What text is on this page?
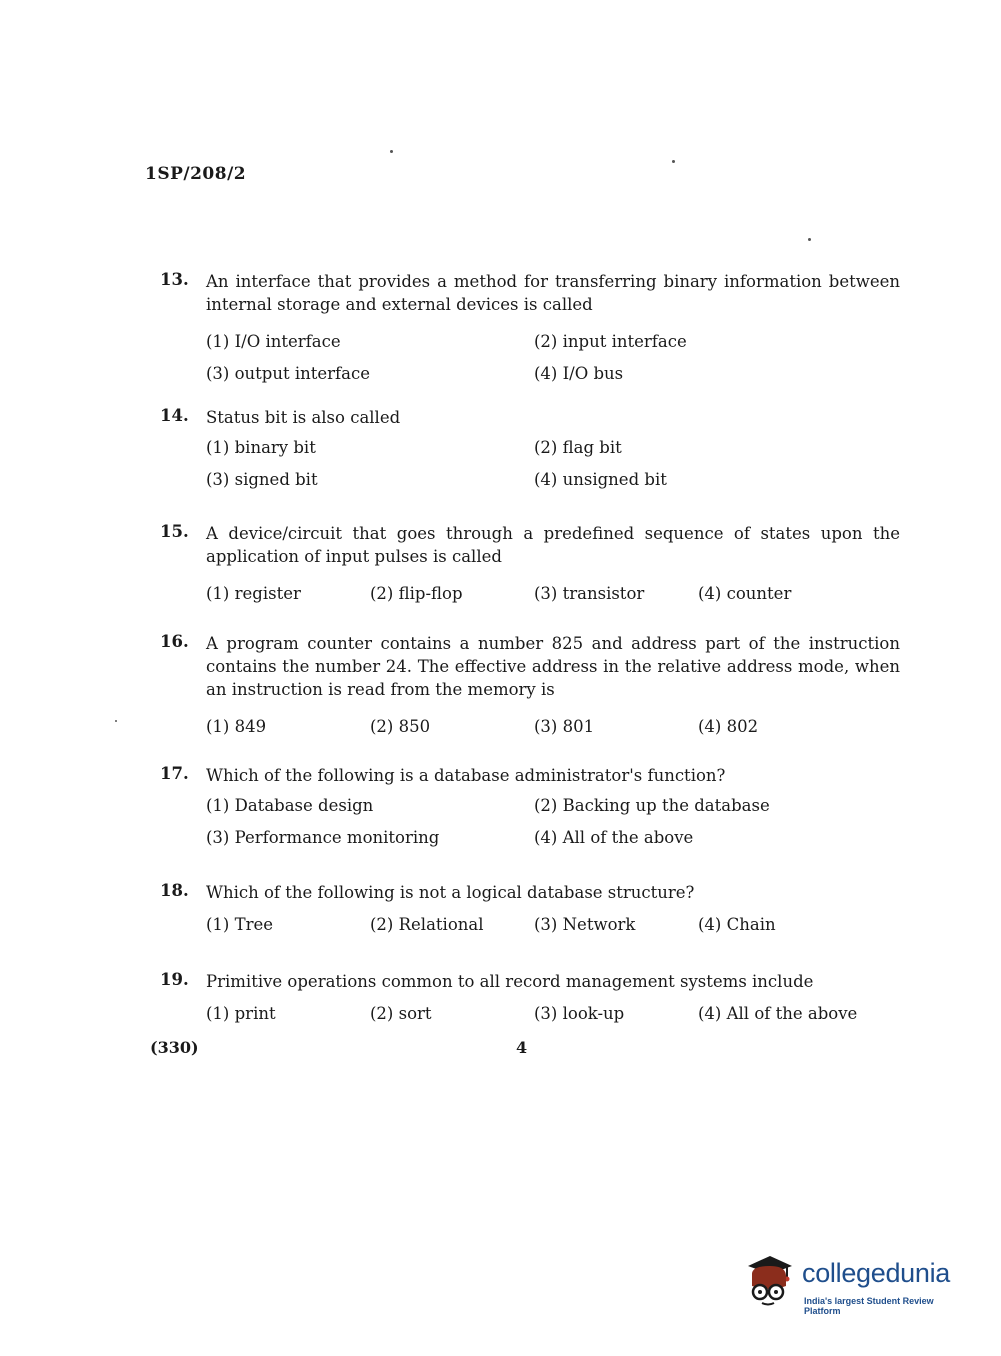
1SP/208/2
13.	An interface that provides a method for transferring binary information between internal storage and external devices is called
(1) I/O interface	(2) input interface
(3) output interface	(4) I/O bus
14.	Status bit is also called
(1) binary bit	(2) flag bit
(3) signed bit	(4) unsigned bit
15.	A device/circuit that goes through a predefined sequence of states upon the application of input pulses is called
(1) register	(2) flip-flop	(3) transistor	(4) counter
16.	A program counter contains a number 825 and address part of the instruction contains the number 24. The effective address in the relative address mode, when an instruction is read from the memory is
(1) 849	(2) 850	(3) 801	(4) 802
17.	Which of the following is a database administrator's function?
(1) Database design	(2) Backing up the database
(3) Performance monitoring	(4) All of the above
18.	Which of the following is not a logical database structure?
(1) Tree	(2) Relational	(3) Network	(4) Chain
19.	Primitive operations common to all record management systems include
(1) print	(2) sort	(3) look-up	(4) All of the above
(330)	4
collegedunia
India's largest Student Review Platform
